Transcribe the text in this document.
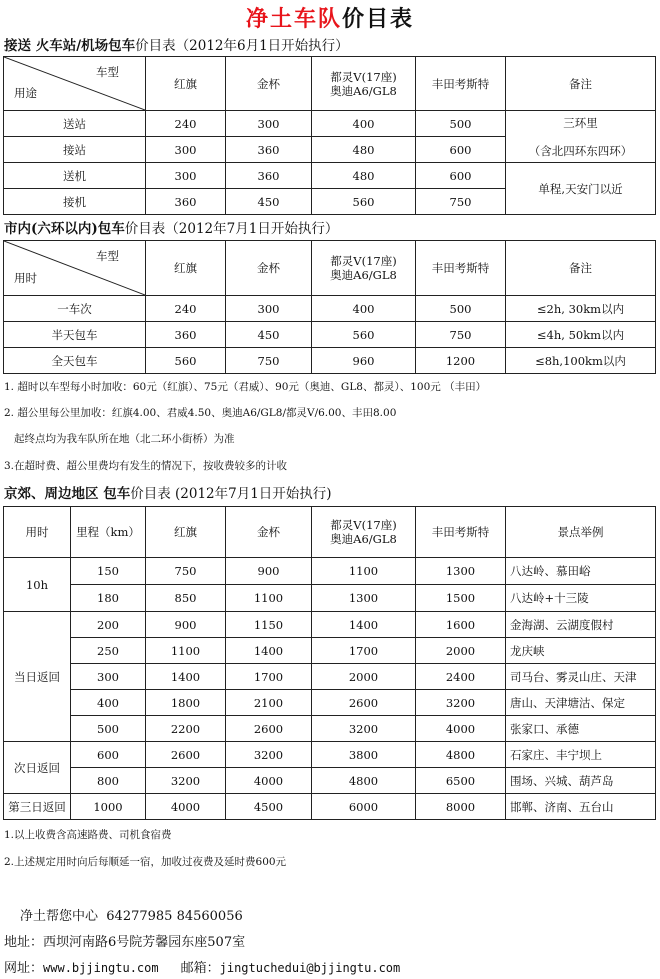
净土车队价目表
接送 火车站/机场包车价目表（2012年6月1日开始执行）
车型
用途	红旗	金杯	都灵V(17座)
奥迪A6/GL8	丰田考斯特	备注
送站	240	300	400	500	三环里
（含北四环东四环）

接站	300	360	480	600	
送机	300	360	480	600	单程,天安门以近
接机	360	450	560	750	
市内(六环以内)包车价目表（2012年7月1日开始执行）
车型
用时	红旗	金杯	都灵V(17座)
奥迪A6/GL8	丰田考斯特	备注
一车次	240	300	400	500	≤2h, 30km以内
半天包车	360	450	560	750	≤4h, 50km以内
全天包车	560	750	960	1200	≤8h,100km以内
1. 超时以车型每小时加收：60元（红旗）、75元（君威）、90元（奥迪、GL8、都灵）、100元 （丰田）
2. 超公里每公里加收：红旗4.00、君威4.50、奥迪A6/GL8/都灵V/6.00、丰田8.00
起终点均为我车队所在地（北二环小街桥）为准
3.在超时费、超公里费均有发生的情况下，按收费较多的计收
京郊、周边地区 包车价目表 (2012年7月1日开始执行)
用时	里程（km）	红旗	金杯	都灵V(17座)
奥迪A6/GL8	丰田考斯特	景点举例
10h	150	750	900	1100	1300	八达岭、慕田峪
	180	850	1100	1300	1500	八达岭+十三陵
当日返回	200	900	1150	1400	1600	金海湖、云湖度假村
	250	1100	1400	1700	2000	龙庆峡
	300	1400	1700	2000	2400	司马台、雾灵山庄、天津
	400	1800	2100	2600	3200	唐山、天津塘沽、保定
	500	2200	2600	3200	4000	张家口、承德
次日返回	600	2600	3200	3800	4800	石家庄、丰宁坝上
	800	3200	4000	4800	6500	围场、兴城、葫芦岛
第三日返回	1000	4000	4500	6000	8000	邯郸、济南、五台山
1.以上收费含高速路费、司机食宿费
2.上述规定用时向后每顺延一宿，加收过夜费及延时费600元
净土帮您中心 64277985 84560056
地址：西坝河南路6号院芳馨园东座507室
网址：www.bjjingtu.com 邮箱：jingtuchedui@bjjingtu.com
